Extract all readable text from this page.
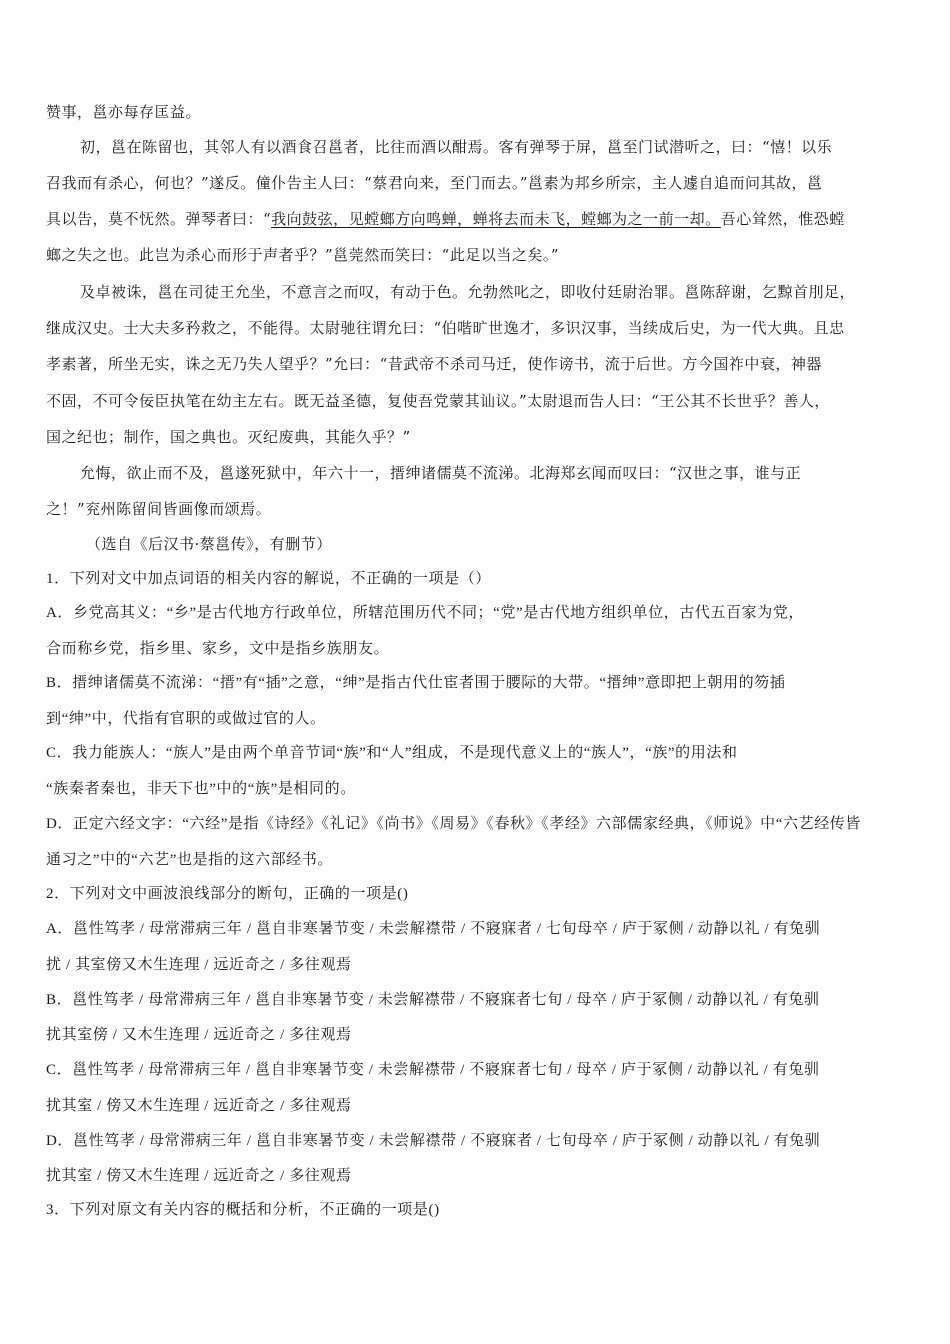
赞事，邕亦每存匡益。
初，邕在陈留也，其邻人有以酒食召邕者，比往而酒以酣焉。客有弹琴于屏，邕至门试潜听之，曰：“憘！以乐
召我而有杀心，何也？”遂反。僮仆告主人曰：“蔡君向来，至门而去。”邕素为邦乡所宗，主人遽自追而问其故，邕
具以告，莫不怃然。弹琴者曰：“我向鼓弦，见螳螂方向鸣蝉，蝉将去而未飞，螳螂为之一前一却。吾心耸然，惟恐螳
螂之失之也。此岂为杀心而形于声者乎？”邕莞然而笑曰：“此足以当之矣。”
及卓被诛，邕在司徒王允坐，不意言之而叹，有动于色。允勃然叱之，即收付廷尉治罪。邕陈辞谢，乞黥首刖足，
继成汉史。士大夫多矜救之，不能得。太尉驰往谓允曰：“伯喈旷世逸才，多识汉事，当续成后史，为一代大典。且忠
孝素著，所坐无实，诛之无乃失人望乎？”允曰：“昔武帝不杀司马迁，使作谤书，流于后世。方今国祚中衰，神器
不固，不可令佞臣执笔在幼主左右。既无益圣德，复使吾党蒙其讪议。”太尉退而告人曰：“王公其不长世乎？善人，
国之纪也；制作，国之典也。灭纪废典，其能久乎？”
允悔，欲止而不及，邕遂死狱中，年六十一，搢绅诸儒莫不流涕。北海郑玄闻而叹曰：“汉世之事，谁与正
之！”兖州陈留间皆画像而颂焉。
（选自《后汉书·蔡邕传》，有删节）
1．下列对文中加点词语的相关内容的解说，不正确的一项是（）
A．乡党高其义：“乡”是古代地方行政单位，所辖范围历代不同；“党”是古代地方组织单位，古代五百家为党，
合而称乡党，指乡里、家乡，文中是指乡族朋友。
B．搢绅诸儒莫不流涕：“搢”有“插”之意，“绅”是指古代仕宦者围于腰际的大带。“搢绅”意即把上朝用的笏插
到“绅”中，代指有官职的或做过官的人。
C．我力能族人：“族人”是由两个单音节词“族”和“人”组成，不是现代意义上的“族人”，“族”的用法和
“族秦者秦也，非天下也”中的“族”是相同的。
D．正定六经文字：“六经”是指《诗经》《礼记》《尚书》《周易》《春秋》《孝经》六部儒家经典，《师说》中“六艺经传皆
通习之”中的“六艺”也是指的这六部经书。
2．下列对文中画波浪线部分的断句，正确的一项是()
A．邕性笃孝 / 母常滞病三年 / 邕自非寒暑节变 / 未尝解襟带 / 不寢寐者 / 七旬母卒 / 庐于冢侧 / 动静以礼 / 有兔驯
扰 / 其室傍又木生连理 / 远近奇之 / 多往观焉
B．邕性笃孝 / 母常滞病三年 / 邕自非寒暑节变 / 未尝解襟带 / 不寢寐者七旬 / 母卒 / 庐于冢侧 / 动静以礼 / 有兔驯
扰其室傍 / 又木生连理 / 远近奇之 / 多往观焉
C．邕性笃孝 / 母常滞病三年 / 邕自非寒暑节变 / 未尝解襟带 / 不寢寐者七旬 / 母卒 / 庐于冢侧 / 动静以礼 / 有兔驯
扰其室 / 傍又木生连理 / 远近奇之 / 多往观焉
D．邕性笃孝 / 母常滞病三年 / 邕自非寒暑节变 / 未尝解襟带 / 不寢寐者 / 七旬母卒 / 庐于冢侧 / 动静以礼 / 有兔驯
扰其室 / 傍又木生连理 / 远近奇之 / 多往观焉
3．下列对原文有关内容的概括和分析，不正确的一项是()
